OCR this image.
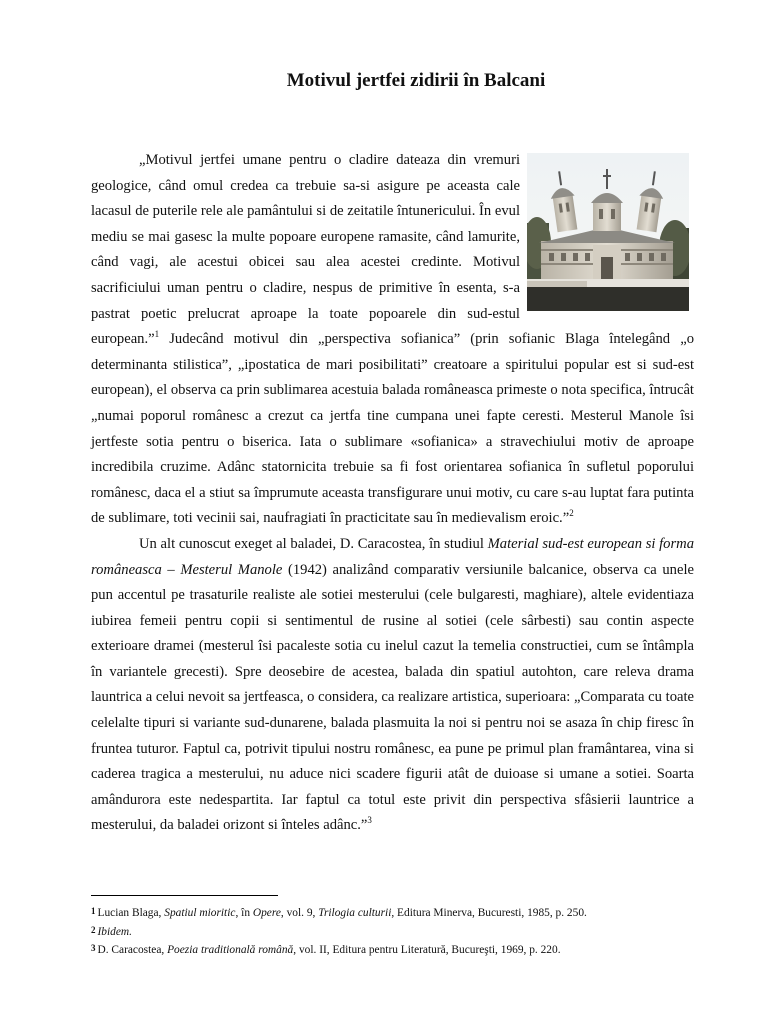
Motivul jertfei zidirii în Balcani

„Motivul jertfei umane pentru o cladire dateaza din vremuri geologice, când omul credea ca trebuie sa-si asigure pe aceasta cale lacasul de puterile rele ale pamântului si de zeitatile întunericului. În evul mediu se mai gasesc la multe popoare europene ramasite, când lamurite, când vagi, ale acestui obicei sau alea acestei credinte. Motivul sacrificiului uman pentru o cladire, nespus de primitive în esenta, s-a pastrat poetic prelucrat aproape la toate popoarele din sud-estul european.”$^1$ Judecând motivul din „perspectiva sofianica” (prin sofianic Blaga întelegând „o determinanta stilistica”, „ipostatica de mari posibilitati” creatoare a spiritului popular est si sud-est european), el observa ca prin sublimarea acestuia balada româneasca primeste o nota specifica, întrucât „numai poporul românesc a crezut ca jertfa tine cumpana unei fapte ceresti. Mesterul Manole îsi jertfeste sotia pentru o biserica. Iata o sublimare «sofianica» a stravechiului motiv de aproape incredibila cruzime. Adânc statornicita trebuie sa fi fost orientarea sofianica în sufletul poporului românesc, daca el a stiut sa împrumute aceasta transfigurare unui motiv, cu care s-au luptat fara putinta de sublimare, toti vecinii sai, naufragiati în practicitate sau în medievalism eroic.”$^2$

Un alt cunoscut exeget al baladei, D. Caracostea, în studiul Material sud-est european si forma româneasca – Mesterul Manole (1942) analizând comparativ versiunile balcanice, observa ca unele pun accentul pe trasaturile realiste ale sotiei mesterului (cele bulgaresti, maghiare), altele evidentiaza iubirea femeii pentru copii si sentimentul de rusine al sotiei (cele sârbesti) sau contin aspecte exterioare dramei (mesterul îsi pacaleste sotia cu inelul cazut la temelia constructiei, cum se întâmpla în variantele grecesti). Spre deosebire de acestea, balada din spatiul autohton, care releva drama launtrica a celui nevoit sa jertfeasca, o considera, ca realizare artistica, superioara: „Comparata cu toate celelalte tipuri si variante sud-dunarene, balada plasmuita la noi si pentru noi se asaza în chip firesc în fruntea tuturor. Faptul ca, potrivit tipului nostru românesc, ea pune pe primul plan framântarea, vina si caderea tragica a mesterului, nu aduce nici scadere figurii atât de duioase si umane a sotiei. Soarta amândurora este nedespartita. Iar faptul ca totul este privit din perspectiva sfâsierii launtrice a mesterului, da baladei orizont si înteles adânc.”$^3$

1 Lucian Blaga, Spatiul mioritic, în Opere, vol. 9, Trilogia culturii, Editura Minerva, Bucuresti, 1985, p. 250.
2 Ibidem.
3 D. Caracostea, Poezia traditională română, vol. II, Editura pentru Literatură, Bucureşti, 1969, p. 220.
